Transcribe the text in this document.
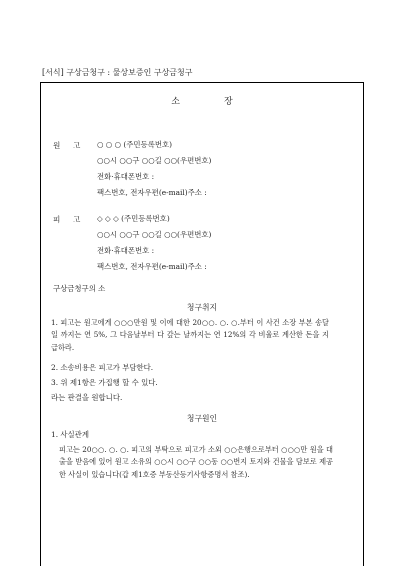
[서식] 구상금청구 : 물상보증인 구상금청구
소	장
원 고 ○ ○ ○ (주민등록번호)
○○시 ○○구 ○○길 ○○(우편번호)
전화·휴대폰번호 :
팩스번호, 전자우편(e-mail)주소 :
피 고 ◇ ◇ ◇ (주민등록번호)
○○시 ○○구 ○○길 ○○(우편번호)
전화·휴대폰번호 :
팩스번호, 전자우편(e-mail)주소 :
구상금청구의 소
청구취지
1. 피고는 원고에게 ○○○만원 및 이에 대한 20○○. ○. ○.부터 이 사건 소장 부본 송달일 까지는 연 5%, 그 다음날부터 다 갚는 날까지는 연 12%의 각 비율로 계산한 돈을 지급하라.
2. 소송비용은 피고가 부담한다.
3. 위 제1항은 가집행 할 수 있다.
라는 판결을 원합니다.
청구원인
1. 사실관계
피고는 20○○. ○. ○. 피고의 부탁으로 피고가 소외 ○○은행으로부터 ○○○만 원을 대출을 받음에 있어 원고 소유의 ○○시 ○○구 ○○동 ○○번지 토지와 건물을 담보로 제공한 사실이 있습니다(갑 제1호증 부동산등기사항증명서 참조).
